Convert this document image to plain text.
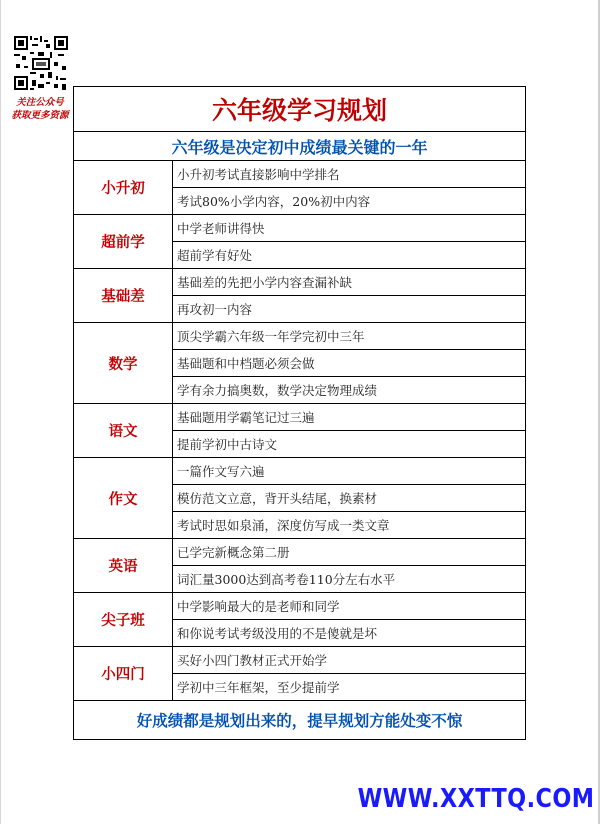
关注公众号
获取更多资源	六年级学习规划	
六年级是决定初中成绩最关键的一年	
小升初	小升初考试直接影响中学排名
	考试80%小学内容，20%初中内容
超前学	中学老师讲得快
	超前学有好处
基础差	基础差的先把小学内容查漏补缺
	再攻初一内容
数学	顶尖学霸六年级一年学完初中三年
	基础题和中档题必须会做
	学有余力搞奥数，数学决定物理成绩
语文	基础题用学霸笔记过三遍
	提前学初中古诗文
作文	一篇作文写六遍
	模仿范文立意，背开头结尾，换素材
	考试时思如泉涌，深度仿写成一类文章
英语	已学完新概念第二册
	词汇量3000达到高考卷110分左右水平
尖子班	中学影响最大的是老师和同学
	和你说考试考级没用的不是傻就是坏
小四门	买好小四门教材正式开始学
	学初中三年框架，至少提前学
好成绩都是规划出来的，提早规划方能处变不惊	
WWW.XXTTQ.COM
